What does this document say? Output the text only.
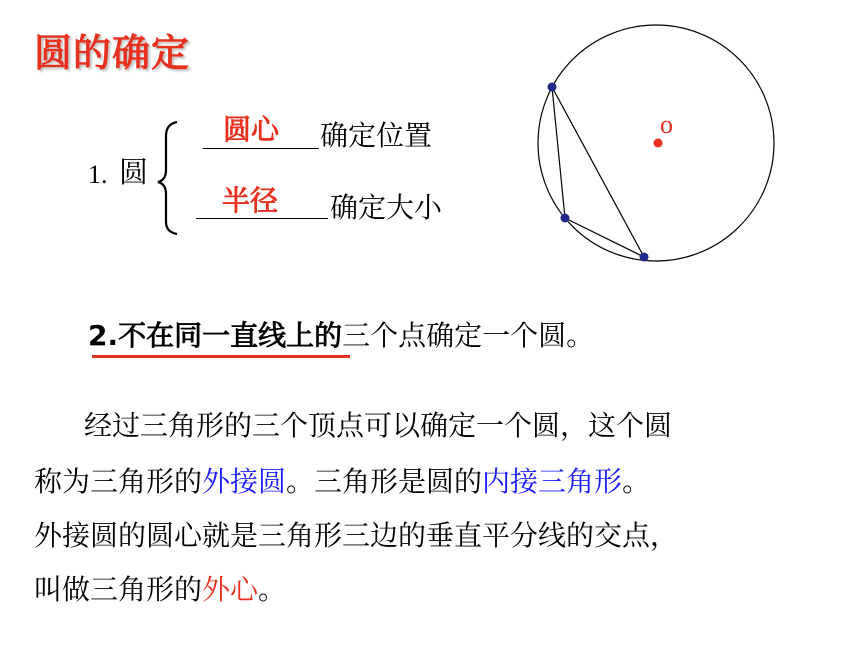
圆的确定
1. 圆
o
圆心 确定位置
半径 确定大小
2.不在同一直线上的三个点确定一个圆。
经过三角形的三个顶点可以确定一个圆，这个圆
称为三角形的外接圆。三角形是圆的内接三角形。
外接圆的圆心就是三角形三边的垂直平分线的交点，
叫做三角形的外心。
